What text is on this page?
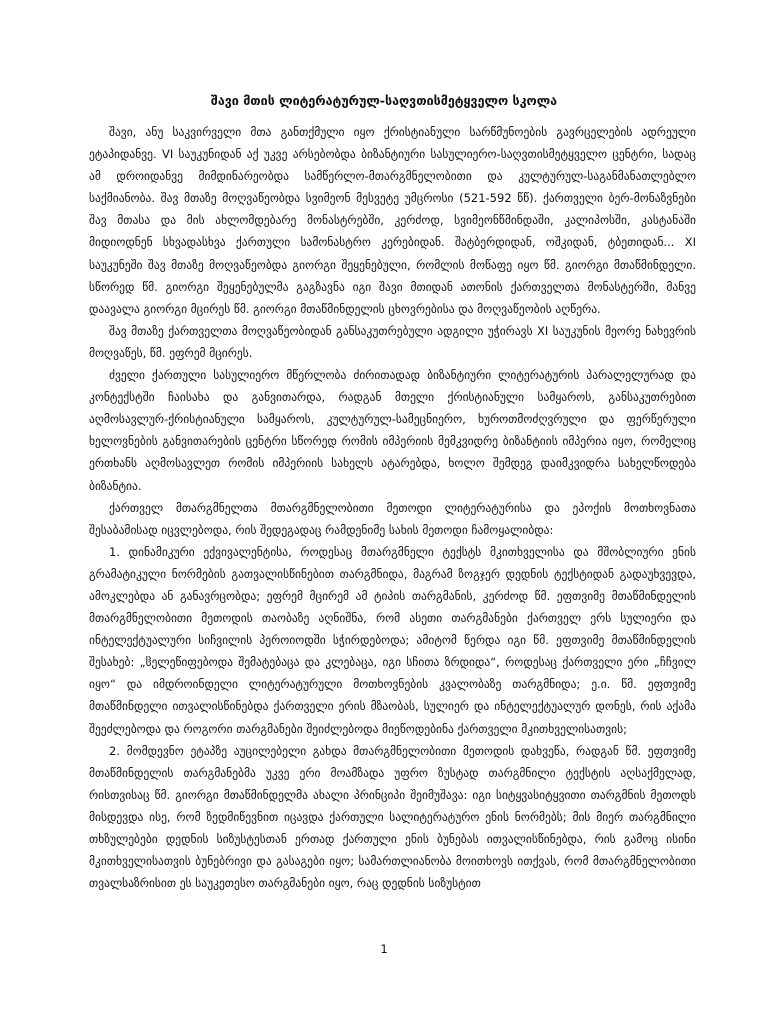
შავი მთის ლიტერატურულ-საღვთისმეტყველო სკოლა

შავი, ანუ საკვირველი მთა განთქმული იყო ქრისტიანული სარწმუნოების გავრცელების ადრეული ეტაპიდანვე. VI საუკუნიდან აქ უკვე არსებობდა ბიზანტიური სასულიერო-საღვთისმეტყველო ცენტრი, სადაც ამ დროიდანვე მიმდინარეობდა სამწერლო-მთარგმნელობითი და კულტურულ-საგანმანათლებლო საქმიანობა. შავ მთაზე მოღვაწეობდა სვიმეონ მესვეტე უმცროსი (521-592 წწ). ქართველი ბერ-მონაზვნები შავ მთასა და მის ახლომდებარე მონასტრებში, კერძოდ, სვიმეონწმინდაში, კალიპოსში, კასტანაში მიდიოდნენ სხვადასხვა ქართული სამონასტრო კერებიდან. შატბერდიდან, ოშკიდან, ტბეთიდან... XI საუკუნეში შავ მთაზე მოღვაწეობდა გიორგი შეყენებული, რომლის მოწაფე იყო წმ. გიორგი მთაწმინდელი. სწორედ წმ. გიორგი შეყენებულმა გაგზავნა იგი შავი მთიდან ათონის ქართველთა მონასტერში, მანვე დაავალა გიორგი მცირეს წმ. გიორგი მთაწმინდელის ცხოვრებისა და მოღვაწეობის აღწერა.

შავ მთაზე ქართველთა მოღვაწეობიდან განსაკუთრებული ადგილი უჭირავს XI საუკუნის მეორე ნახევრის მოღვაწეს, წმ. ეფრემ მცირეს.

ძველი ქართული სასულიერო მწერლობა ძირითადად ბიზანტიური ლიტერატურის პარალელურად და კონტექსტში ჩაისახა და განვითარდა, რადგან მთელი ქრისტიანული სამყაროს, განსაკუთრებით აღმოსავლურ-ქრისტიანული სამყაროს, კულტურულ-სამეცნიერო, ხუროთმოძღვრული და ფერწერული ხელოვნების განვითარების ცენტრი სწორედ რომის იმპერიის მემკვიდრე ბიზანტიის იმპერია იყო, რომელიც ერთხანს აღმოსავლეთ რომის იმპერიის სახელს ატარებდა, ხოლო შემდეგ დაიმკვიდრა სახელწოდება ბიზანტია.

ქართველ მთარგმნელთა მთარგმნელობითი მეთოდი ლიტერატურისა და ეპოქის მოთხოვნათა შესაბამისად იცვლებოდა, რის შედეგადაც რამდენიმე სახის მეთოდი ჩამოყალიბდა:

1. დინამიკური ექვივალენტისა, როდესაც მთარგმნელი ტექსტს მკითხველისა და მშობლიური ენის გრამატიკული ნორმების გათვალისწინებით თარგმნიდა, მაგრამ ზოგჯერ დედნის ტექსტიდან გადაუხვევდა, ამოკლებდა ან განავრცობდა; ეფრემ მცირემ ამ ტიპის თარგმანის, კერძოდ წმ. ეფთვიმე მთაწმინდელის მთარგმნელობითი მეთოდის თაობაზე აღნიშნა, რომ ასეთი თარგმანები ქართველ ერს სულიერი და ინტელექტუალური სიჩვილის პეროიოდში სჭირდებოდა; ამიტომ წერდა იგი წმ. ეფთვიმე მთაწმინდელის შესახებ: „ჱელეწიფებოდა შემატებაცა და კლებაცა, იგი სჩითა ზრდიდა“, როდესაც ქართველი ერი „ჩჩვილ იყო“ და იმდროინდელი ლიტერატურული მოთხოვნების კვალობაზე თარგმნიდა; ე.ი. წმ. ეფთვიმე მთაწმინდელი ითვალისწინებდა ქართველი ერის მზაობას, სულიერ და ინტელექტუალურ დონეს, რის აქამა შეეძლებოდა და როგორი თარგმანები შეიძლებოდა მიეწოდებინა ქართველი მკითხველისათვის;

2. მომდევნო ეტაპზე აუცილებელი გახდა მთარგმნელობითი მეთოდის დახვეწა, რადგან წმ. ეფთვიმე მთაწმინდელის თარგმანებმა უკვე ერი მოამზადა უფრო ზუსტად თარგმნილი ტექსტის აღსაქმელად, რისთვისაც წმ. გიორგი მთაწმინდელმა ახალი პრინციპი შეიმუშავა: იგი სიტყვასიტყვითი თარგმნის მეთოდს მისდევდა ისე, რომ ზედმიწევნით იცავდა ქართული სალიტერატურო ენის ნორმებს; მის მიერ თარგმნილი თხზულებები დედნის სიზუსტესთან ერთად ქართული ენის ბუნებას ითვალისწინებდა, რის გამოც ისინი მკითხველისათვის ბუნებრივი და გასაგები იყო; სამართლიანობა მოითხოვს ითქვას, რომ მთარგმნელობითი თვალსაზრისით ეს საუკეთესო თარგმანები იყო, რაც დედნის სიზუსტით

1
